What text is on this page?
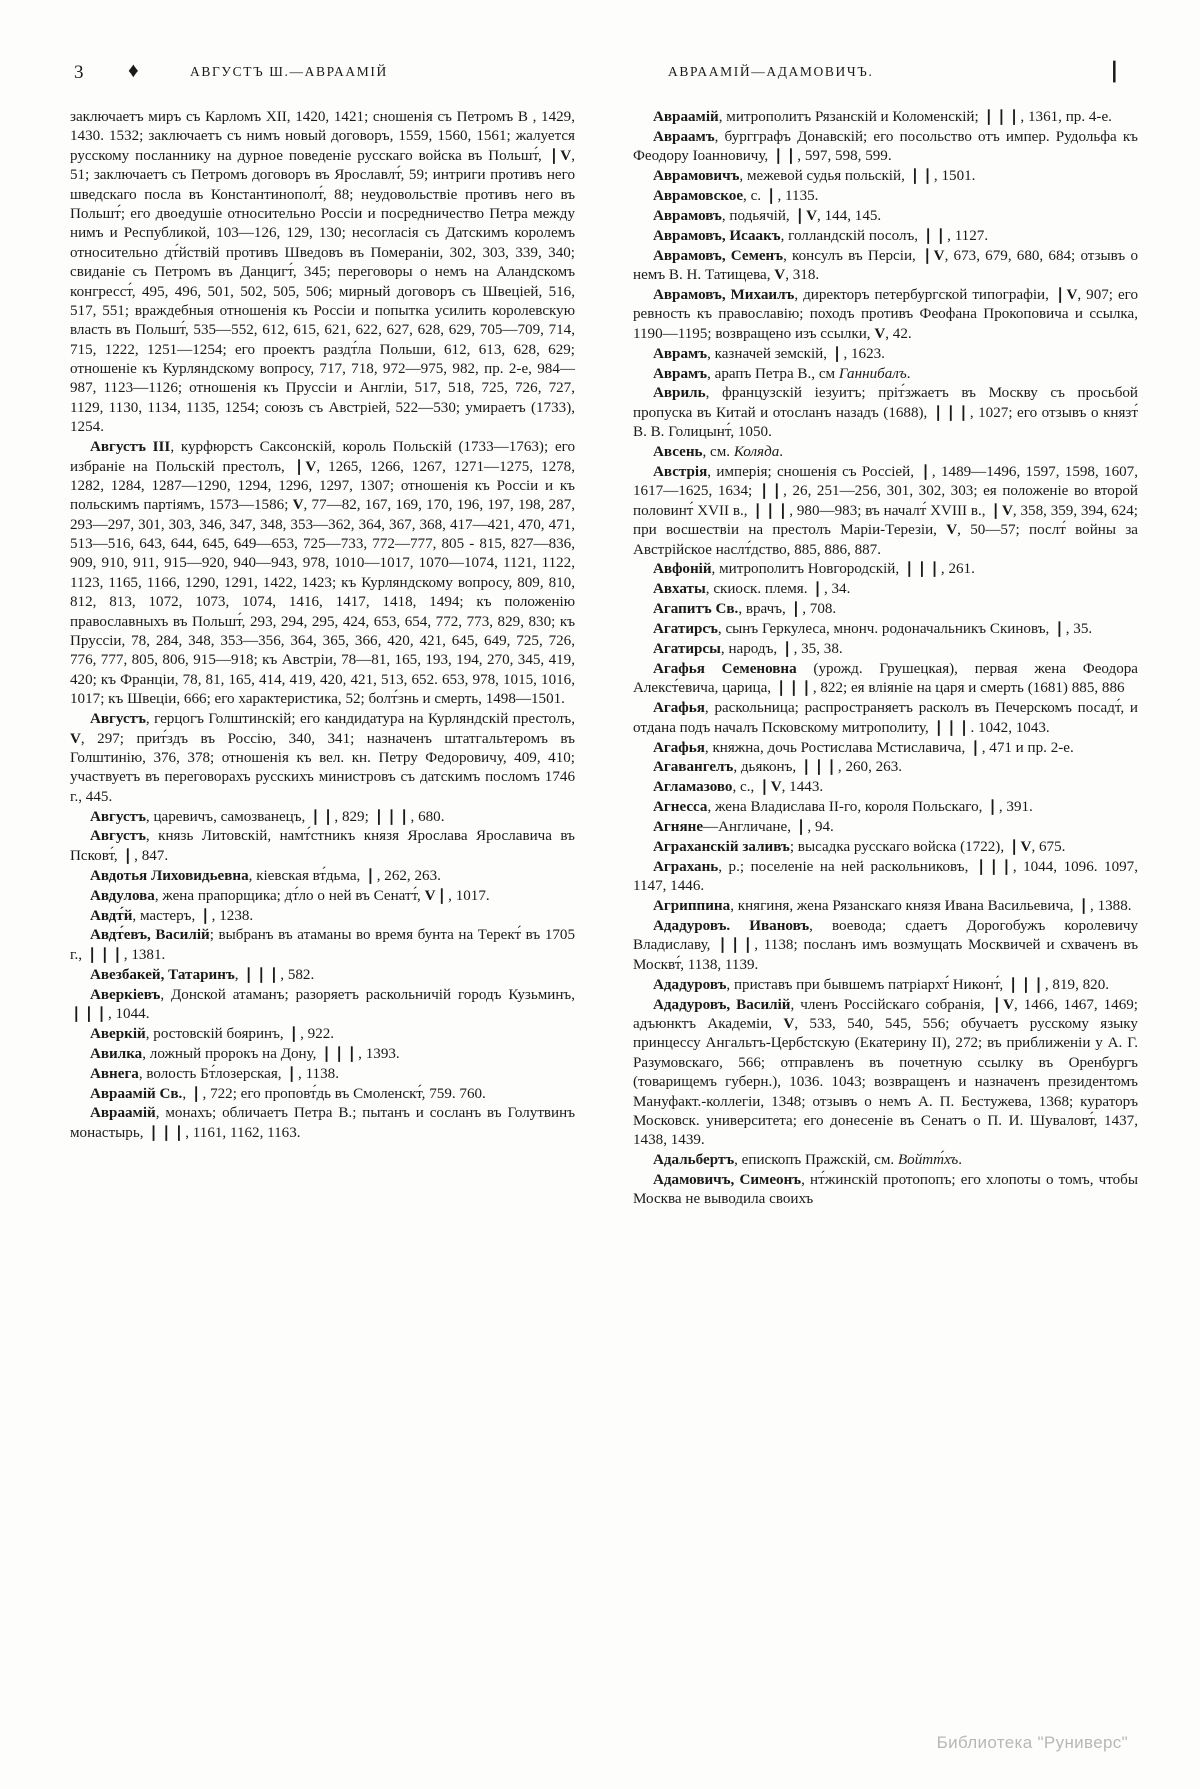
3 ♦	АВГУСТЪ Ш.—АВРААМІЙ	АВРААМІЙ—АДАМОВИЧЪ.	❘

заключаетъ миръ съ Карломъ XII, 1420, 1421; сношенія съ Петромъ В , 1429, 1430. 1532; заключаетъ съ нимъ новый договоръ, 1559, 1560, 1561; жалуется русскому посланнику на дурное поведеніе русскаго войска въ Польшт́, ❘V, 51; заключаетъ съ Петромъ договоръ въ Ярославлт́, 59; интриги противъ него шведскаго посла въ Константинополт́, 88; неудовольствіе противъ него въ Польшт́; его двоедушіе относительно Россіи и посредничество Петра между нимъ и Республикой, 103—126, 129, 130; несогласія съ Датскимъ королемъ относительно дт́йствій противъ Шведовъ въ Помераніи, 302, 303, 339, 340; свиданіе съ Петромъ въ Данцигт́, 345; переговоры о немъ на Аландскомъ конгресст́, 495, 496, 501, 502, 505, 506; мирный договоръ съ Швеціей, 516, 517, 551; враждебныя отношенія къ Россіи и попытка усилить королевскую власть въ Польшт́, 535—552, 612, 615, 621, 622, 627, 628, 629, 705—709, 714, 715, 1222, 1251—1254; его проектъ раздт́ла Польши, 612, 613, 628, 629; отношеніе къ Курляндскому вопросу, 717, 718, 972—975, 982, пр. 2-е, 984—987, 1123—1126; отношенія къ Пруссіи и Англіи, 517, 518, 725, 726, 727, 1129, 1130, 1134, 1135, 1254; союзъ съ Австріей, 522—530; умираетъ (1733), 1254.

Августъ III, курфюрстъ Саксонскій, король Польскій (1733—1763); его избраніе на Польскій престолъ, ❘V, 1265, 1266, 1267, 1271—1275, 1278, 1282, 1284, 1287—1290, 1294, 1296, 1297, 1307; отношенія къ Россіи и къ польскимъ партіямъ, 1573—1586; V, 77—82, 167, 169, 170, 196, 197, 198, 287, 293—297, 301, 303, 346, 347, 348, 353—362, 364, 367, 368, 417—421, 470, 471, 513—516, 643, 644, 645, 649—653, 725—733, 772—777, 805 - 815, 827—836, 909, 910, 911, 915—920, 940—943, 978, 1010—1017, 1070—1074, 1121, 1122, 1123, 1165, 1166, 1290, 1291, 1422, 1423; къ Курляндскому вопросу, 809, 810, 812, 813, 1072, 1073, 1074, 1416, 1417, 1418, 1494; къ положенію православныхъ въ Польшт́, 293, 294, 295, 424, 653, 654, 772, 773, 829, 830; къ Пруссіи, 78, 284, 348, 353—356, 364, 365, 366, 420, 421, 645, 649, 725, 726, 776, 777, 805, 806, 915—918; къ Австріи, 78—81, 165, 193, 194, 270, 345, 419, 420; къ Франціи, 78, 81, 165, 414, 419, 420, 421, 513, 652. 653, 978, 1015, 1016, 1017; къ Швеціи, 666; его характеристика, 52; болт́знь и смерть, 1498—1501.

Августъ, герцогъ Голштинскій; его кандидатура на Курляндскій престолъ, V, 297; прит́здъ въ Россію, 340, 341; назначенъ штатгальтеромъ въ Голштинію, 376, 378; отношенія къ вел. кн. Петру Федоровичу, 409, 410; участвуетъ въ переговорахъ русскихъ министровъ съ датскимъ посломъ 1746 г., 445.

Августъ, царевичъ, самозванецъ, ❘❘, 829; ❘❘❘, 680.

Августъ, князь Литовскій, намт́стникъ князя Ярослава Ярославича въ Псковт́, ❘, 847.

Авдотья Лиховидьевна, кіевская вт́дьма, ❘, 262, 263.

Авдулова, жена прапорщика; дт́ло о ней въ Сенатт́, V❘, 1017.

Авдт́й, мастеръ, ❘, 1238.

Авдт́евъ, Василій; выбранъ въ атаманы во время бунта на Терект́ въ 1705 г., ❘❘❘, 1381.

Авезбакей, Татаринъ, ❘❘❘, 582.

Аверкіевъ, Донской атаманъ; разоряетъ раскольничій городъ Кузьминъ, ❘❘❘, 1044.

Аверкій, ростовскій бояринъ, ❘, 922.

Авилка, ложный пророкъ на Дону, ❘❘❘, 1393.

Авнега, волость Бт́лозерская, ❘, 1138.

Авраамій Св., ❘, 722; его проповт́дь въ Смоленскт́, 759. 760.

Авраамій, монахъ; обличаетъ Петра В.; пытанъ и сосланъ въ Голутвинъ монастырь, ❘❘❘, 1161, 1162, 1163.

Авраамій, митрополитъ Рязанскій и Коломенскій; ❘❘❘, 1361, пр. 4-е.

Авраамъ, бургграфъ Донавскій; его посольство отъ импер. Рудольфа къ Феодору Іоанновичу, ❘❘, 597, 598, 599.

Аврамовичъ, межевой судья польскій, ❘❘, 1501.

Аврамовское, с. ❘, 1135.

Аврамовъ, подьячій, ❘V, 144, 145.

Аврамовъ, Исаакъ, голландскій посолъ, ❘❘, 1127.

Аврамовъ, Семенъ, консулъ въ Персіи, ❘V, 673, 679, 680, 684; отзывъ о немъ В. Н. Татищева, V, 318.

Аврамовъ, Михаилъ, директоръ петербургской типографіи, ❘V, 907; его ревность къ православію; походъ противъ Феофана Прокоповича и ссылка, 1190—1195; возвращено изъ ссылки, V, 42.

Аврамъ, казначей земскій, ❘, 1623.

Аврамъ, арапъ Петра В., см Ганнибалъ.

Авриль, французскій іезуитъ; пріт́зжаетъ въ Москву съ просьбой пропуска въ Китай и отосланъ назадъ (1688), ❘❘❘, 1027; его отзывъ о князт́ В. В. Голицынт́, 1050.

Авсень, см. Коляда.

Австрія, имперія; сношенія съ Россіей, ❘, 1489—1496, 1597, 1598, 1607, 1617—1625, 1634; ❘❘, 26, 251—256, 301, 302, 303; ея положеніе во второй половинт́ XVII в., ❘❘❘, 980—983; въ началт́ XVIII в., ❘V, 358, 359, 394, 624; при восшествіи на престолъ Маріи-Терезіи, V, 50—57; послт́ войны за Австрійское наслт́дство, 885, 886, 887.

Авфоній, митрополитъ Новгородскій, ❘❘❘, 261.

Авхаты, скиоск. племя. ❘, 34.

Агапитъ Св., врачъ, ❘, 708.

Агатирсъ, сынъ Геркулеса, мнонч. родоначальникъ Скиновъ, ❘, 35.

Агатирсы, народъ, ❘, 35, 38.

Агафья Семеновна (урожд. Грушецкая), первая жена Феодора Алекст́евича, царица, ❘❘❘, 822; ея вліяніе на царя и смерть (1681) 885, 886

Агафья, раскольница; распространяетъ расколъ въ Печерскомъ посадт́, и отдана подъ началъ Псковскому митрополиту, ❘❘❘. 1042, 1043.

Агафья, княжна, дочь Ростислава Мстиславича, ❘, 471 и пр. 2-е.

Агавангелъ, дьяконъ, ❘❘❘, 260, 263.

Агламазово, с., ❘V, 1443.

Агнесса, жена Владислава II-го, короля Польскаго, ❘, 391.

Агняне—Англичане, ❘, 94.

Аграханскій заливъ; высадка русскаго войска (1722), ❘V, 675.

Аграхань, р.; поселеніе на ней раскольниковъ, ❘❘❘, 1044, 1096. 1097, 1147, 1446.

Агриппина, княгиня, жена Рязанскаго князя Ивана Васильевича, ❘, 1388.

Ададуровъ. Ивановъ, воевода; сдаетъ Дорогобужъ королевичу Владиславу, ❘❘❘, 1138; посланъ имъ возмущать Москвичей и схваченъ въ Москвт́, 1138, 1139.

Ададуровъ, приставъ при бывшемъ патріархт́ Никонт́, ❘❘❘, 819, 820.

Ададуровъ, Василій, членъ Россійскаго собранія, ❘V, 1466, 1467, 1469; адъюнктъ Академіи, V, 533, 540, 545, 556; обучаетъ русскому языку принцессу Ангальтъ-Цербстскую (Екатерину II), 272; въ приближеніи у А. Г. Разумовскаго, 566; отправленъ въ почетную ссылку въ Оренбургъ (товарищемъ губерн.), 1036. 1043; возвращенъ и назначенъ президентомъ Мануфакт.-коллегіи, 1348; отзывъ о немъ А. П. Бестужева, 1368; кураторъ Московск. университета; его донесеніе въ Сенатъ о П. И. Шуваловт́, 1437, 1438, 1439.

Адальбертъ, епископъ Пражскій, см. Войтт́хъ.

Адамовичъ, Симеонъ, нт́жинскій протопопъ; его хлопоты о томъ, чтобы Москва не выводила своихъ

Библиотека "Руниверс"
